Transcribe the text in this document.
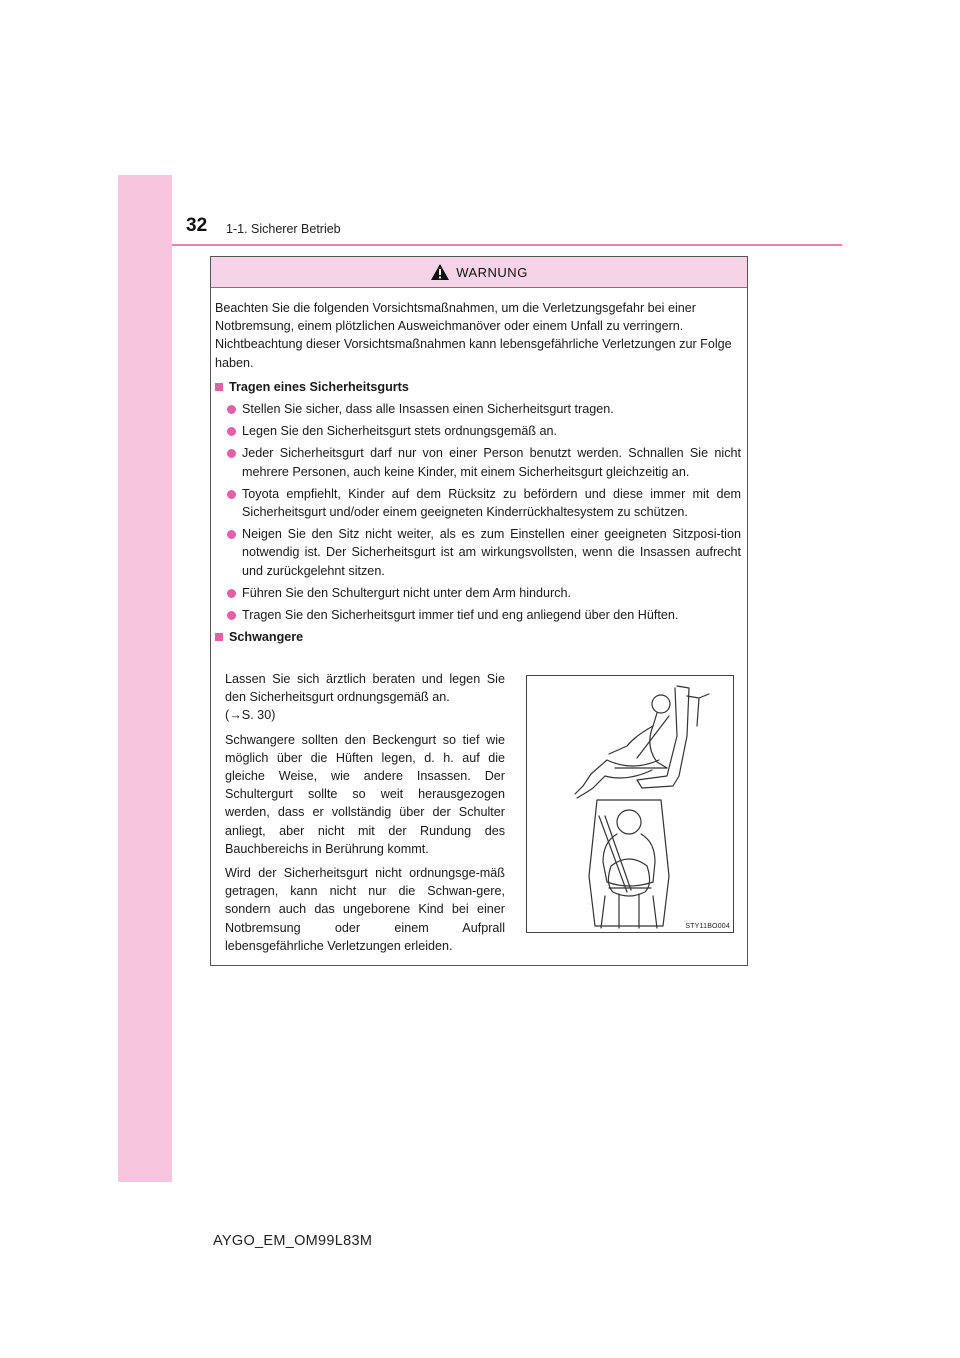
32 1-1. Sicherer Betrieb
WARNUNG

Beachten Sie die folgenden Vorsichtsmaßnahmen, um die Verletzungsgefahr bei einer Notbremsung, einem plötzlichen Ausweichmanöver oder einem Unfall zu verringern. Nichtbeachtung dieser Vorsichtsmaßnahmen kann lebensgefährliche Verletzungen zur Folge haben.

Tragen eines Sicherheitsgurts
Stellen Sie sicher, dass alle Insassen einen Sicherheitsgurt tragen.
Legen Sie den Sicherheitsgurt stets ordnungsgemäß an.
Jeder Sicherheitsgurt darf nur von einer Person benutzt werden. Schnallen Sie nicht mehrere Personen, auch keine Kinder, mit einem Sicherheitsgurt gleichzeitig an.
Toyota empfiehlt, Kinder auf dem Rücksitz zu befördern und diese immer mit dem Sicherheitsgurt und/oder einem geeigneten Kinderrückhaltesystem zu schützen.
Neigen Sie den Sitz nicht weiter, als es zum Einstellen einer geeigneten Sitzposi-tion notwendig ist. Der Sicherheitsgurt ist am wirkungsvollsten, wenn die Insassen aufrecht und zurückgelehnt sitzen.
Führen Sie den Schultergurt nicht unter dem Arm hindurch.
Tragen Sie den Sicherheitsgurt immer tief und eng anliegend über den Hüften.
Schwangere

Lassen Sie sich ärztlich beraten und legen Sie den Sicherheitsgurt ordnungsgemäß an.
(→S. 30)

Schwangere sollten den Beckengurt so tief wie möglich über die Hüften legen, d. h. auf die gleiche Weise, wie andere Insassen. Der Schultergurt sollte so weit herausgezogen werden, dass er vollständig über der Schulter anliegt, aber nicht mit der Rundung des Bauchbereichs in Berührung kommt.

Wird der Sicherheitsgurt nicht ordnungsge-mäß getragen, kann nicht nur die Schwan-gere, sondern auch das ungeborene Kind bei einer Notbremsung oder einem Aufprall lebensgefährliche Verletzungen erleiden.

STY11BO004
AYGO_EM_OM99L83M
